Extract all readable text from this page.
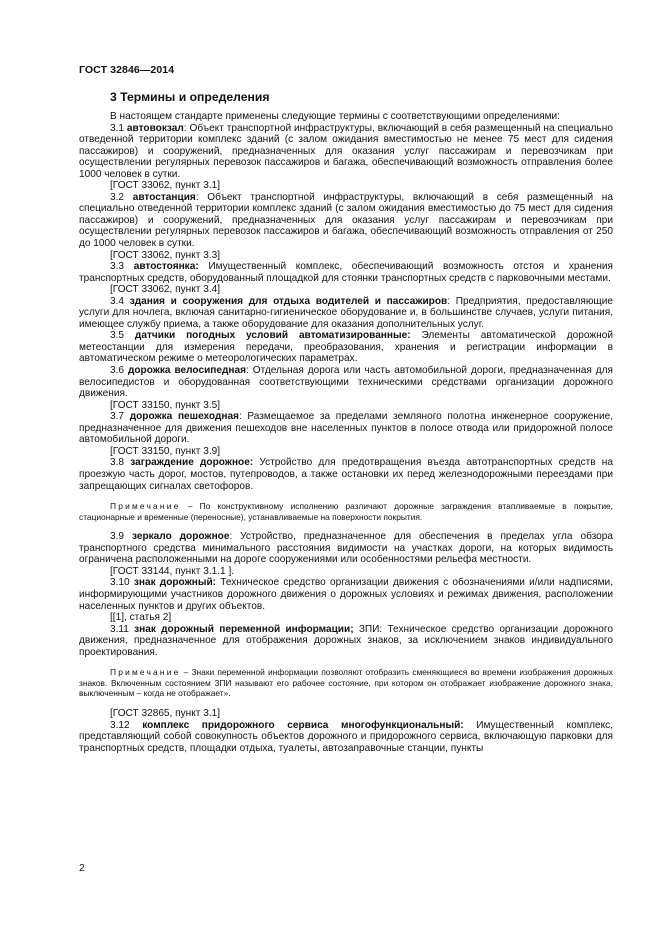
ГОСТ 32846—2014
3 Термины и определения

В настоящем стандарте применены следующие термины с соответствующими определениями:

3.1 автовокзал: Объект транспортной инфраструктуры, включающий в себя размещенный на специально отведенной территории комплекс зданий (с залом ожидания вместимостью не менее 75 мест для сидения пассажиров) и сооружений, предназначенных для оказания услуг пассажирам и перевозчикам при осуществлении регулярных перевозок пассажиров и багажа, обеспечивающий возможность отправления более 1000 человек в сутки.

[ГОСТ 33062, пункт 3.1]

3.2 автостанция: Объект транспортной инфраструктуры, включающий в себя размещенный на специально отведенной территории комплекс зданий (с залом ожидания вместимостью до 75 мест для сидения пассажиров) и сооружений, предназначенных для оказания услуг пассажирам и перевозчикам при осуществлении регулярных перевозок пассажиров и багажа, обеспечивающий возможность отправления от 250 до 1000 человек в сутки.

[ГОСТ 33062, пункт 3.3]

3.3 автостоянка: Имущественный комплекс, обеспечивающий возможность отстоя и хранения транспортных средств, оборудованный площадкой для стоянки транспортных средств с парковочными местами.

[ГОСТ 33062, пункт 3.4]

3.4 здания и сооружения для отдыха водителей и пассажиров: Предприятия, предоставляющие услуги для ночлега, включая санитарно-гигиеническое оборудование и, в большинстве случаев, услуги питания, имеющее службу приема, а также оборудование для оказания дополнительных услуг.

3.5 датчики погодных условий автоматизированные: Элементы автоматической дорожной метеостанции для измерения передачи, преобразования, хранения и регистрации информации в автоматическом режиме о метеорологических параметрах.

3.6 дорожка велосипедная: Отдельная дорога или часть автомобильной дороги, предназначенная для велосипедистов и оборудованная соответствующими техническими средствами организации дорожного движения.

[ГОСТ 33150, пункт 3.5]

3.7 дорожка пешеходная: Размещаемое за пределами земляного полотна инженерное сооружение, предназначенное для движения пешеходов вне населенных пунктов в полосе отвода или придорожной полосе автомобильной дороги.

[ГОСТ 33150, пункт 3.9]

3.8 заграждение дорожное: Устройство для предотвращения въезда автотранспортных средств на проезжую часть дорог, мостов, путепроводов, а также остановки их перед железнодорожными переездами при запрещающих сигналах светофоров.

Примечание – По конструктивному исполнению различают дорожные заграждения втапливаемые в покрытие, стационарные и временные (переносные), устанавливаемые на поверхности покрытия.

3.9 зеркало дорожное: Устройство, предназначенное для обеспечения в пределах угла обзора транспортного средства минимального расстояния видимости на участках дороги, на которых видимость ограничена расположенными на дороге сооружениями или особенностями рельефа местности.

[ГОСТ 33144, пункт 3.1.1 ].

3.10 знак дорожный: Техническое средство организации движения с обозначениями и/или надписями, информирующими участников дорожного движения о дорожных условиях и режимах движения, расположении населенных пунктов и других объектов.

[[1], статья 2]

3.11 знак дорожный переменной информации; ЗПИ: Техническое средство организации дорожного движения, предназначенное для отображения дорожных знаков, за исключением знаков индивидуального проектирования.

Примечание – Знаки переменной информации позволяют отобразить сменяющиеся во времени изображения дорожных знаков. Включенным состоянием ЗПИ называют его рабочее состояние, при котором он отображает изображение дорожного знака, выключенным – когда не отображает».

[ГОСТ 32865, пункт 3.1]

3.12 комплекс придорожного сервиса многофункциональный: Имущественный комплекс, представляющий собой совокупность объектов дорожного и придорожного сервиса, включающую парковки для транспортных средств, площадки отдыха, туалеты, автозаправочные станции, пункты

2
